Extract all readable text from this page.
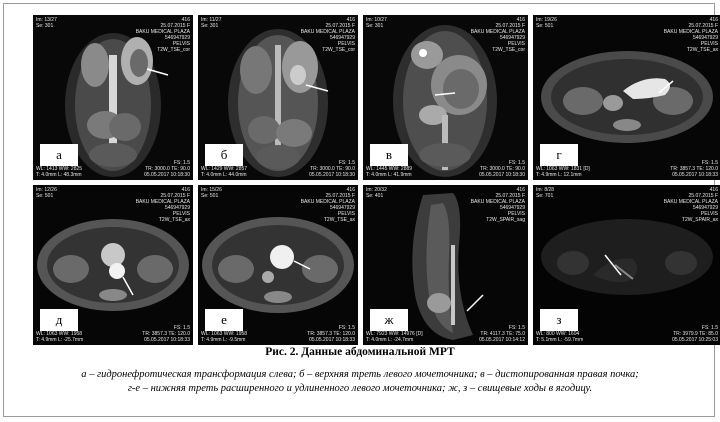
Im: 13/27
Se: 301
416
25.07.2015 F
BAKU MEDICAL PLAZA
546947929
PELVIS
T2W_TSE_cor
WL: 1413 WW: 2825
T: 4.0mm L: 48.3mm
FS: 1.5
TR: 3000.0 TE: 90.0
05.05.2017 10:18:30
а
Im: 11/27
Se: 301
416
25.07.2015 F
BAKU MEDICAL PLAZA
546947929
PELVIS
T2W_TSE_cor
WL: 1429 WW: 2857
T: 4.0mm L: 44.0mm
FS: 1.5
TR: 3000.0 TE: 90.0
05.05.2017 10:18:30
б
Im: 10/27
Se: 301
416
25.07.2015 F
BAKU MEDICAL PLAZA
546947929
PELVIS
T2W_TSE_cor
WL: 1445 WW: 2889
T: 4.0mm L: 41.9mm
FS: 1.5
TR: 3000.0 TE: 90.0
05.05.2017 10:18:30
в
Im: 19/26
Se: 501
416
25.07.2015 F
BAKU MEDICAL PLAZA
546947929
PELVIS
T2W_TSE_ax
WL: 1063 WW: 1831 [D]
T: 4.9mm L: 12.1mm
FS: 1.5
TR: 3857.3 TE: 120.0
05.05.2017 10:18:33
г
Im: 12/26
Se: 501
416
25.07.2015 F
BAKU MEDICAL PLAZA
546947929
PELVIS
T2W_TSE_ax
WL: 1063 WW: 1958
T: 4.9mm L: -25.7mm
FS: 1.5
TR: 3857.3 TE: 120.0
05.05.2017 10:18:33
д
Im: 15/26
Se: 501
416
25.07.2015 F
BAKU MEDICAL PLAZA
546947929
PELVIS
T2W_TSE_ax
WL: 1063 WW: 1958
T: 4.9mm L: -9.5mm
FS: 1.5
TR: 3857.3 TE: 120.0
05.05.2017 10:18:33
е
Im: 20/32
Se: 401
416
25.07.2015 F
BAKU MEDICAL PLAZA
546947929
PELVIS
T2W_SPAIR_sag
WL: 7923 WW: 14976 [D]
T: 4.0mm L: -24.7mm
FS: 1.5
TR: 4117.3 TE: 75.0
05.05.2017 10:14:12
ж
Im: 8/28
Se: 701
416
25.07.2015 F
BAKU MEDICAL PLAZA
546947929
PELVIS
T2W_SPAIR_ax
WL: 800 WW: 1604
T: 5.1mm L: -59.7mm
FS: 1.5
TR: 3979.9 TE: 85.0
05.05.2017 10:25:03
з
Рис. 2. Данные абдоминальной МРТ
а – гидронефротическая трансформация слева; б – верхняя треть левого мочеточника; в – дистопированная правая почка;
г-е – нижняя треть расширенного и удлиненного левого мочеточника; ж, з – свищевые ходы в ягодицу.
